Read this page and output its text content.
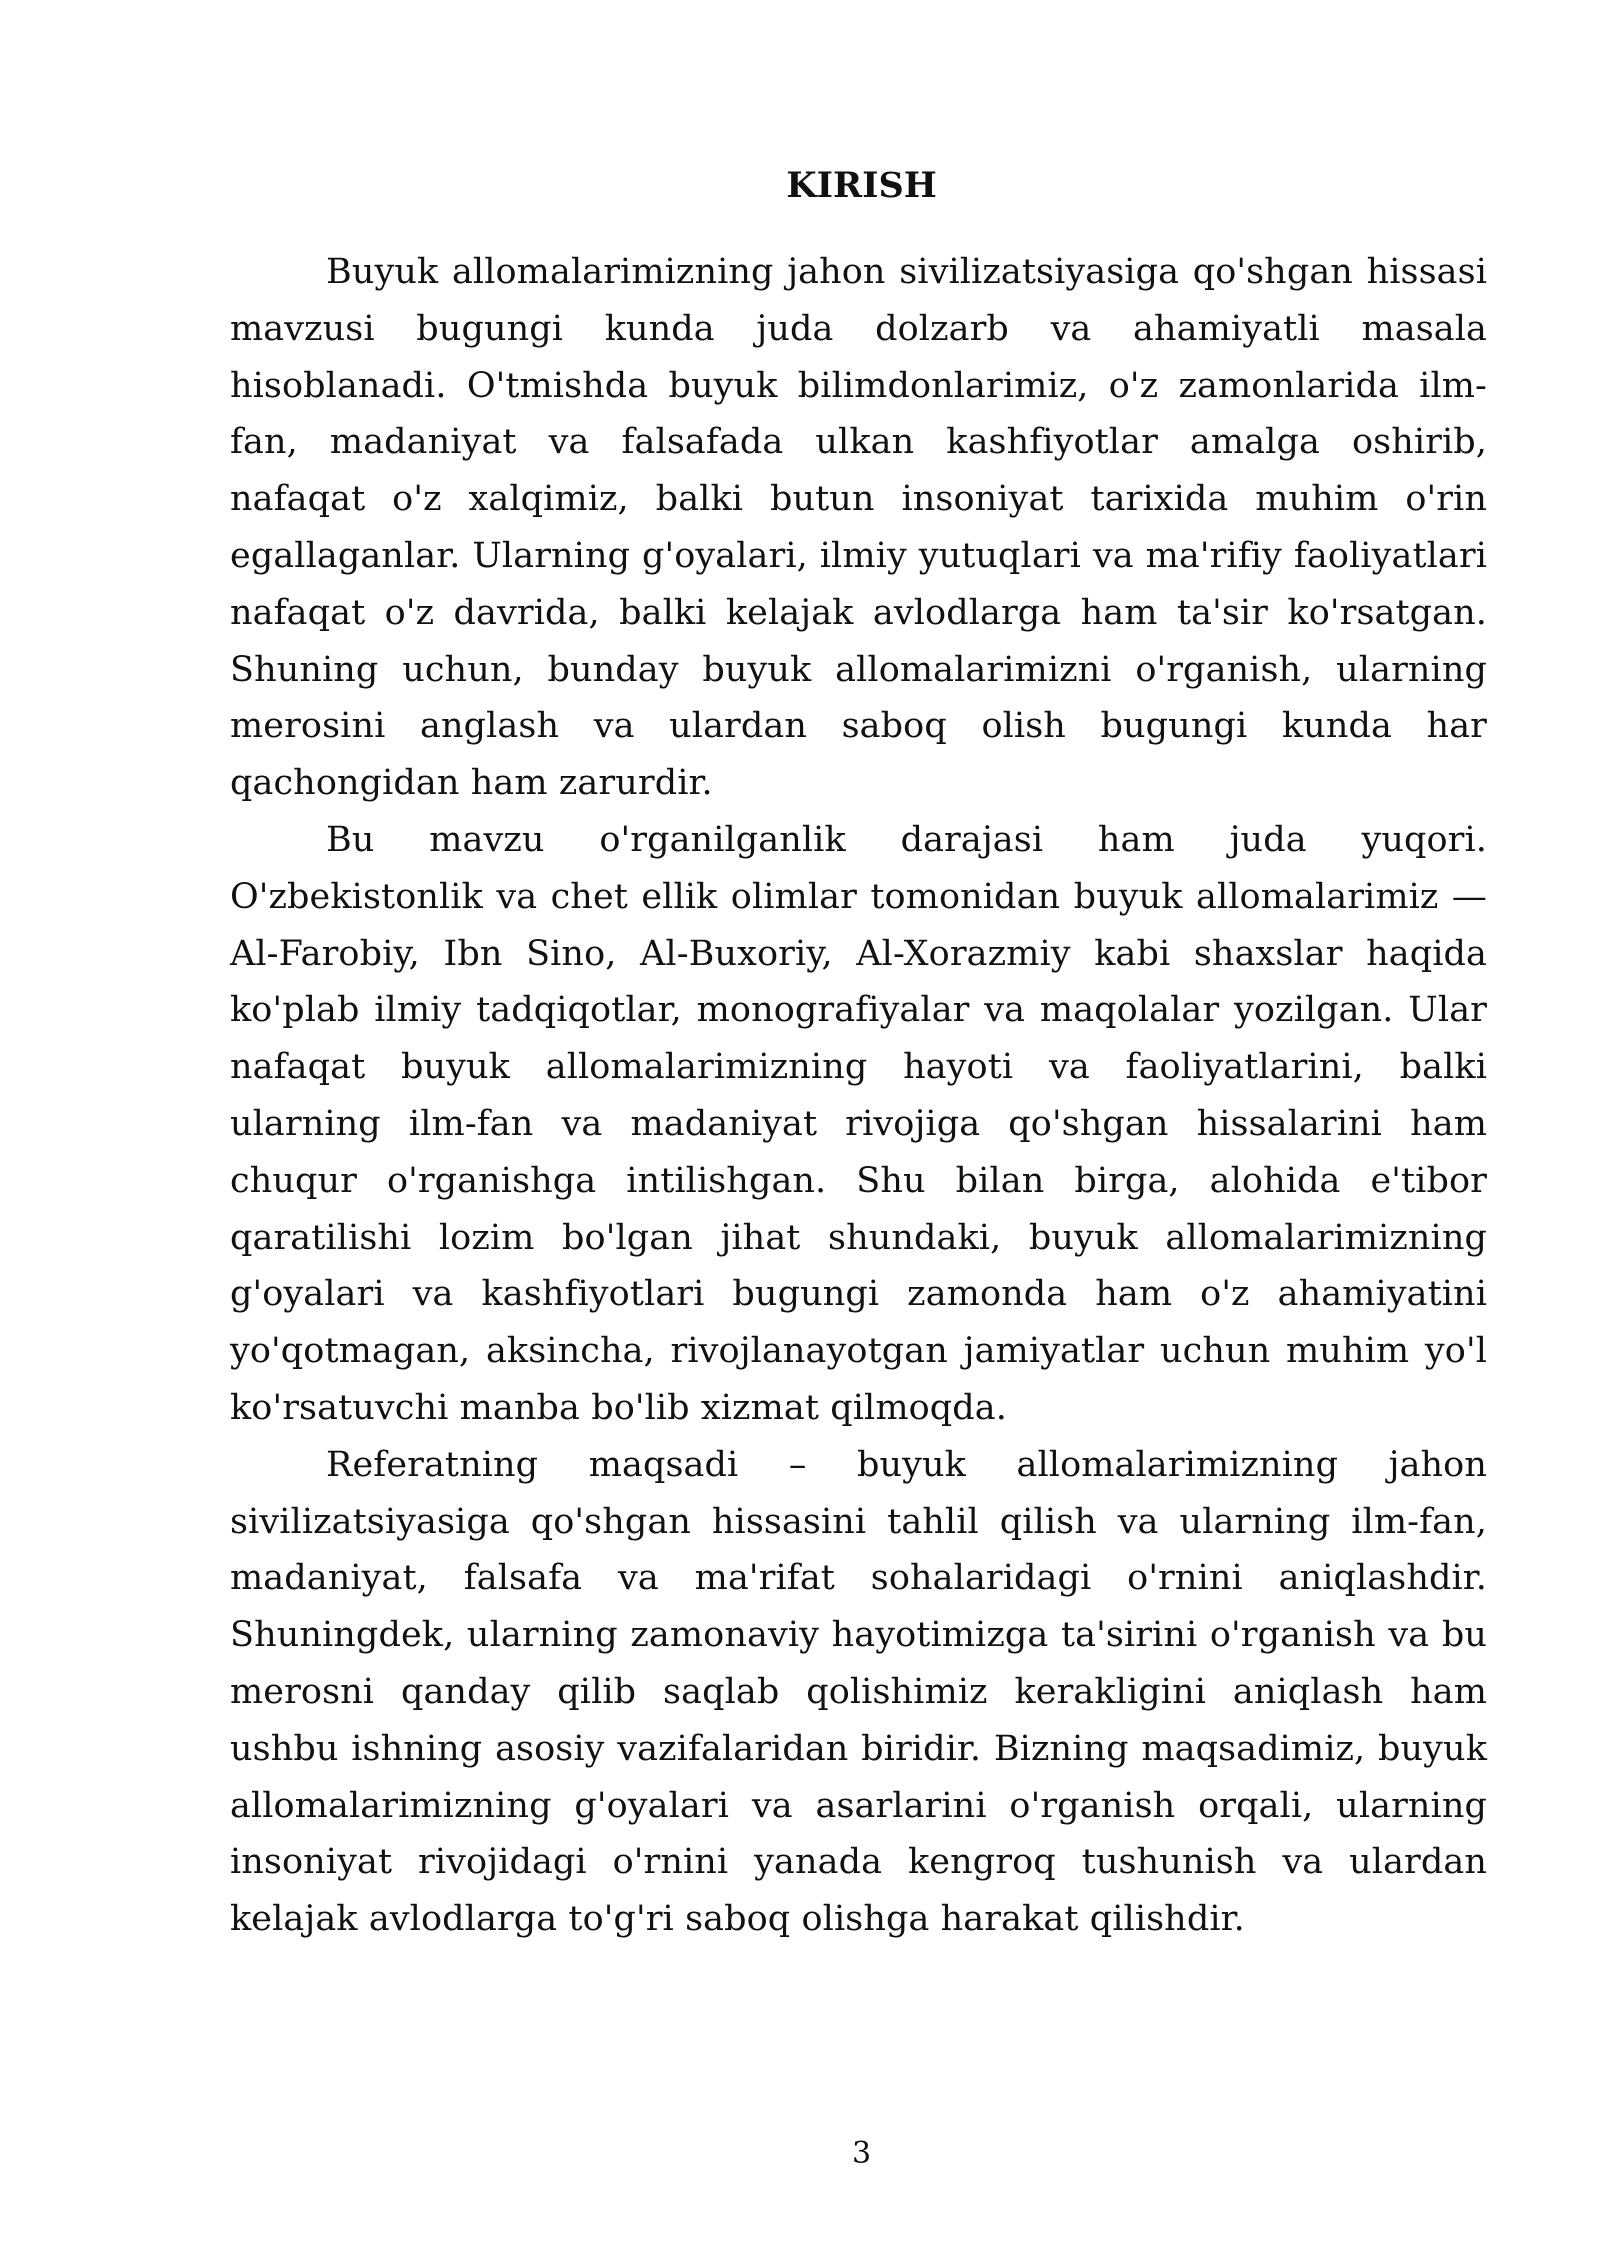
KIRISH

Buyuk allomalarimizning jahon sivilizatsiyasiga qo'shgan hissasi mavzusi bugungi kunda juda dolzarb va ahamiyatli masala hisoblanadi. O'tmishda buyuk bilimdonlarimiz, o'z zamonlarida ilm-fan, madaniyat va falsafada ulkan kashfiyotlar amalga oshirib, nafaqat o'z xalqimiz, balki butun insoniyat tarixida muhim o'rin egallaganlar. Ularning g'oyalari, ilmiy yutuqlari va ma'rifiy faoliyatlari nafaqat o'z davrida, balki kelajak avlodlarga ham ta'sir ko'rsatgan. Shuning uchun, bunday buyuk allomalarimizni o'rganish, ularning merosini anglash va ulardan saboq olish bugungi kunda har qachongidan ham zarurdir.

Bu mavzu o'rganilganlik darajasi ham juda yuqori. O'zbekistonlik va chet ellik olimlar tomonidan buyuk allomalarimiz — Al-Farobiy, Ibn Sino, Al-Buxoriy, Al-Xorazmiy kabi shaxslar haqida ko'plab ilmiy tadqiqotlar, monografiyalar va maqolalar yozilgan. Ular nafaqat buyuk allomalarimizning hayoti va faoliyatlarini, balki ularning ilm-fan va madaniyat rivojiga qo'shgan hissalarini ham chuqur o'rganishga intilishgan. Shu bilan birga, alohida e'tibor qaratilishi lozim bo'lgan jihat shundaki, buyuk allomalarimizning g'oyalari va kashfiyotlari bugungi zamonda ham o'z ahamiyatini yo'qotmagan, aksincha, rivojlanayotgan jamiyatlar uchun muhim yo'l ko'rsatuvchi manba bo'lib xizmat qilmoqda.

Referatning maqsadi – buyuk allomalarimizning jahon sivilizatsiyasiga qo'shgan hissasini tahlil qilish va ularning ilm-fan, madaniyat, falsafa va ma'rifat sohalaridagi o'rnini aniqlashdir. Shuningdek, ularning zamonaviy hayotimizga ta'sirini o'rganish va bu merosni qanday qilib saqlab qolishimiz kerakligini aniqlash ham ushbu ishning asosiy vazifalaridan biridir. Bizning maqsadimiz, buyuk allomalarimizning g'oyalari va asarlarini o'rganish orqali, ularning insoniyat rivojidagi o'rnini yanada kengroq tushunish va ulardan kelajak avlodlarga to'g'ri saboq olishga harakat qilishdir.

3
